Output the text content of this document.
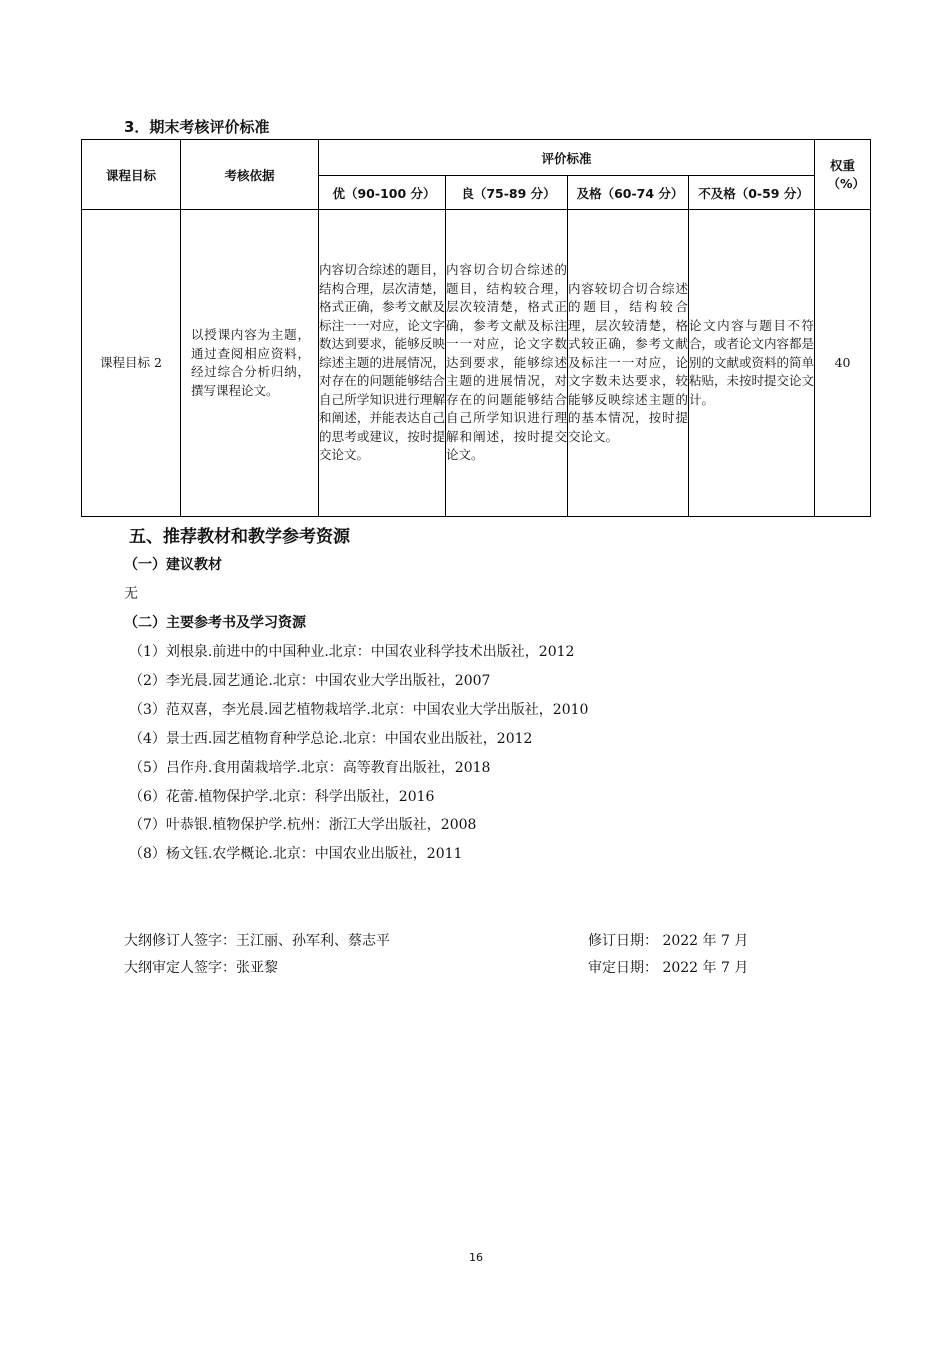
3．期末考核评价标准
课程目标	考核依据	评价标准				权重（%）
		优（90-100 分）	良（75-89 分）	及格（60-74 分）	不及格（0-59 分）	
课程目标 2	以授课内容为主题，通过查阅相应资料，经过综合分析归纳，撰写课程论文。	内容切合综述的题目，结构合理，层次清楚，格式正确，参考文献及标注一一对应，论文字数达到要求，能够反映综述主题的进展情况，对存在的问题能够结合自己所学知识进行理解和阐述，并能表达自己的思考或建议，按时提交论文。	内容切合切合综述的题目，结构较合理，层次较清楚，格式正确，参考文献及标注一一对应，论文字数达到要求，能够综述主题的进展情况，对存在的问题能够结合自己所学知识进行理解和阐述，按时提交论文。	内容较切合切合综述的题目，结构较合理，层次较清楚，格式较正确，参考文献及标注一一对应，论文字数未达要求，较能够反映综述主题的的基本情况，按时提交论文。	论文内容与题目不符合，或者论文内容都是别的文献或资料的简单粘贴，未按时提交论文计。	40
五、推荐教材和教学参考资源
（一）建议教材
无
（二）主要参考书及学习资源
（1）刘根泉.前进中的中国种业.北京：中国农业科学技术出版社，2012
（2）李光晨.园艺通论.北京：中国农业大学出版社，2007
（3）范双喜，李光晨.园艺植物栽培学.北京：中国农业大学出版社，2010
（4）景士西.园艺植物育种学总论.北京：中国农业出版社，2012
（5）吕作舟.食用菌栽培学.北京：高等教育出版社，2018
（6）花蕾.植物保护学.北京：科学出版社，2016
（7）叶恭银.植物保护学.杭州：浙江大学出版社，2008
（8）杨文钰.农学概论.北京：中国农业出版社，2011
大纲修订人签字：王江丽、孙军利、蔡志平	修订日期： 2022 年 7 月
大纲审定人签字：张亚黎	审定日期： 2022 年 7 月
16
